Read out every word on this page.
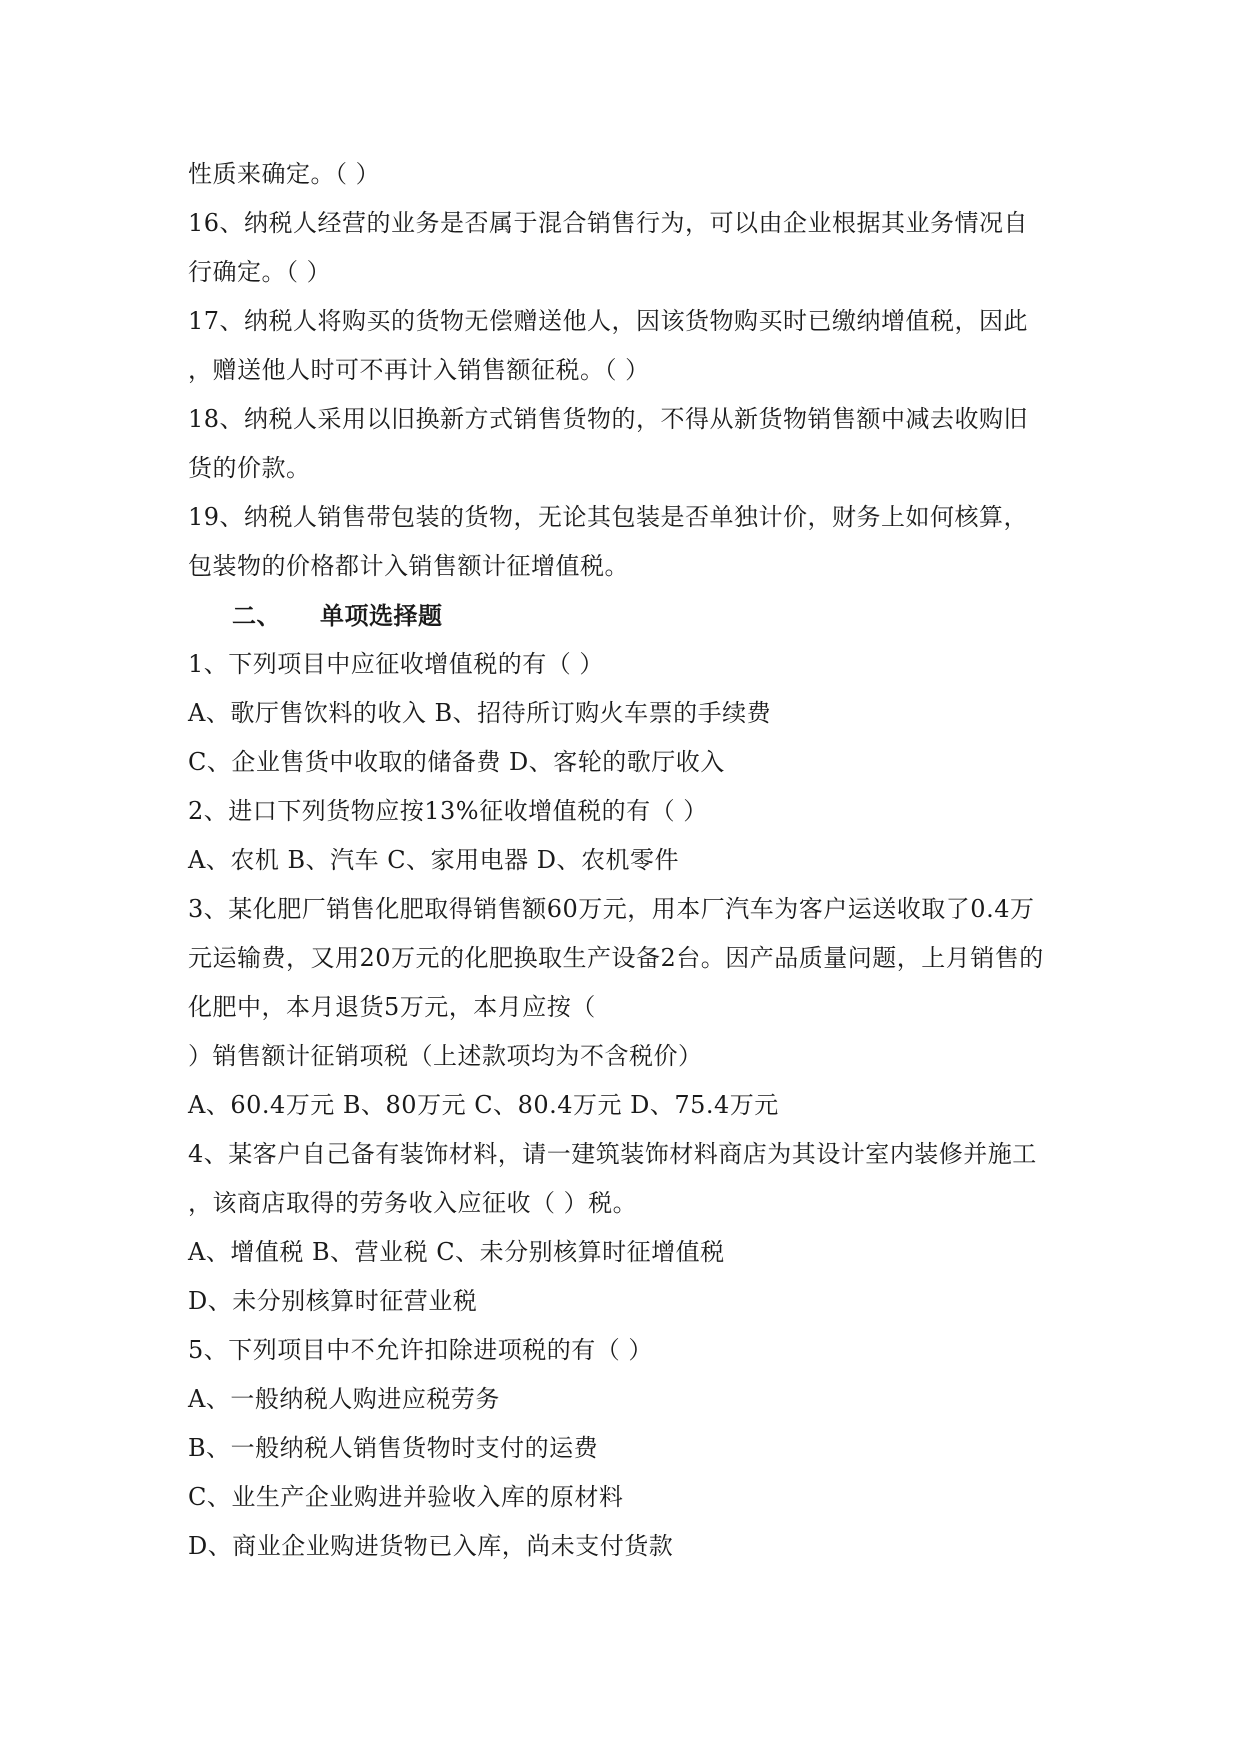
性质来确定。（ ）
16、纳税人经营的业务是否属于混合销售行为，可以由企业根据其业务情况自
行确定。（ ）
17、纳税人将购买的货物无偿赠送他人，因该货物购买时已缴纳增值税，因此
，赠送他人时可不再计入销售额征税。（ ）
18、纳税人采用以旧换新方式销售货物的，不得从新货物销售额中减去收购旧
货的价款。
19、纳税人销售带包装的货物，无论其包装是否单独计价，财务上如何核算，
包装物的价格都计入销售额计征增值税。
二、 单项选择题
1、下列项目中应征收增值税的有（ ）
A、歌厅售饮料的收入 B、招待所订购火车票的手续费
C、企业售货中收取的储备费 D、客轮的歌厅收入
2、进口下列货物应按13%征收增值税的有（ ）
A、农机 B、汽车 C、家用电器 D、农机零件
3、某化肥厂销售化肥取得销售额60万元，用本厂汽车为客户运送收取了0.4万
元运输费，又用20万元的化肥换取生产设备2台。因产品质量问题，上月销售的
化肥中，本月退货5万元，本月应按（
）销售额计征销项税（上述款项均为不含税价）
A、60.4万元 B、80万元 C、80.4万元 D、75.4万元
4、某客户自己备有装饰材料，请一建筑装饰材料商店为其设计室内装修并施工
，该商店取得的劳务收入应征收（ ）税。
A、增值税 B、营业税 C、未分别核算时征增值税
D、未分别核算时征营业税
5、下列项目中不允许扣除进项税的有（ ）
A、一般纳税人购进应税劳务
B、一般纳税人销售货物时支付的运费
C、业生产企业购进并验收入库的原材料
D、商业企业购进货物已入库，尚未支付货款
